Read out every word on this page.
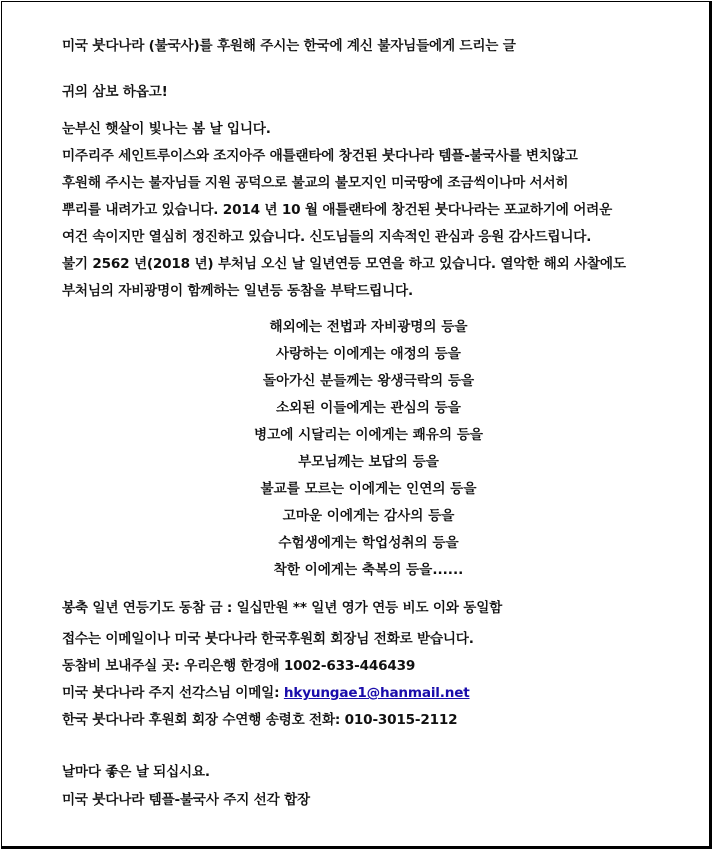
미국 붓다나라 (불국사)를 후원해 주시는 한국에 계신 불자님들에게 드리는 글
귀의 삼보 하옵고!
눈부신 햇살이 빛나는 봄 날 입니다.
미주리주 세인트루이스와 조지아주 애틀랜타에 창건된 붓다나라 템플-불국사를 변치않고
후원해 주시는 불자님들 지원 공덕으로 불교의 불모지인 미국땅에 조금씩이나마 서서히
뿌리를 내려가고 있습니다. 2014 년 10 월 애틀랜타에 창건된 붓다나라는 포교하기에 어려운
여건 속이지만 열심히 정진하고 있습니다. 신도님들의 지속적인 관심과 응원 감사드립니다.
불기 2562 년(2018 년) 부처님 오신 날 일년연등 모연을 하고 있습니다. 열악한 해외 사찰에도
부처님의 자비광명이 함께하는 일년등 동참을 부탁드립니다.
해외에는 전법과 자비광명의 등을
사랑하는 이에게는 애정의 등을
돌아가신 분들께는 왕생극락의 등을
소외된 이들에게는 관심의 등을
병고에 시달리는 이에게는 쾌유의 등을
부모님께는 보답의 등을
불교를 모르는 이에게는 인연의 등을
고마운 이에게는 감사의 등을
수험생에게는 학업성취의 등을
착한 이에게는 축복의 등을......
봉축 일년 연등기도 동참 금 : 일십만원 ** 일년 영가 연등 비도 이와 동일함
접수는 이메일이나 미국 붓다나라 한국후원회 회장님 전화로 받습니다.
동참비 보내주실 곳: 우리은행 한경애 1002-633-446439
미국 붓다나라 주지 선각스님 이메일: hkyungae1@hanmail.net
한국 붓다나라 후원회 회장 수연행 송령호 전화: 010-3015-2112
날마다 좋은 날 되십시요.
미국 붓다나라 템플-불국사 주지 선각 합장
